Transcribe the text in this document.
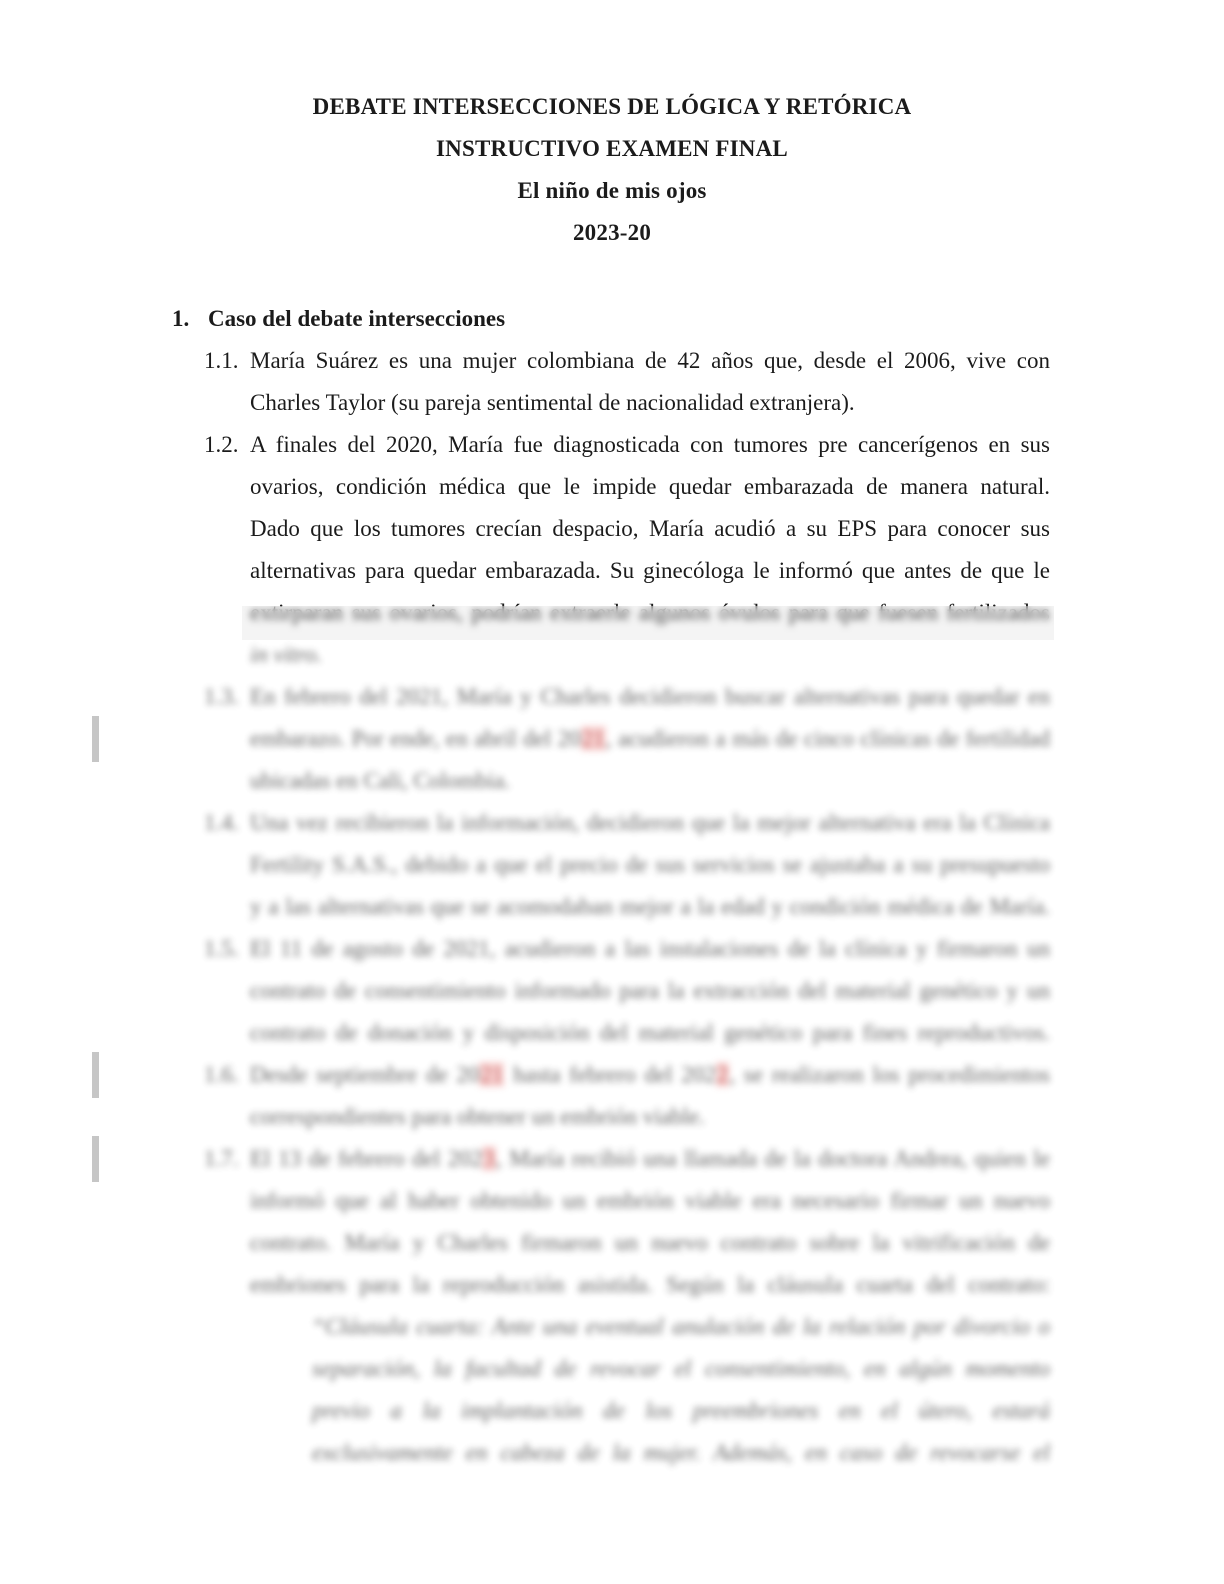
DEBATE INTERSECCIONES DE LÓGICA Y RETÓRICA
INSTRUCTIVO EXAMEN FINAL
El niño de mis ojos
2023-20
1. Caso del debate intersecciones
1.1. María Suárez es una mujer colombiana de 42 años que, desde el 2006, vive con
Charles Taylor (su pareja sentimental de nacionalidad extranjera).
1.2. A finales del 2020, María fue diagnosticada con tumores pre cancerígenos en sus
ovarios, condición médica que le impide quedar embarazada de manera natural.
Dado que los tumores crecían despacio, María acudió a su EPS para conocer sus
alternativas para quedar embarazada. Su ginecóloga le informó que antes de que le
extirparan sus ovarios, podrían extraerle algunos óvulos para que fuesen fertilizados
in vitro.
1.3. En febrero del 2021, María y Charles decidieron buscar alternativas para quedar en
embarazo. Por ende, en abril del 2021, acudieron a más de cinco clínicas de fertilidad
ubicadas en Cali, Colombia.
1.4. Una vez recibieron la información, decidieron que la mejor alternativa era la Clínica
Fertility S.A.S., debido a que el precio de sus servicios se ajustaba a su presupuesto
y a las alternativas que se acomodaban mejor a la edad y condición médica de María.
1.5. El 11 de agosto de 2021, acudieron a las instalaciones de la clínica y firmaron un
contrato de consentimiento informado para la extracción del material genético y un
contrato de donación y disposición del material genético para fines reproductivos.
1.6. Desde septiembre de 2021 hasta febrero del 2022, se realizaron los procedimientos
correspondientes para obtener un embrión viable.
1.7. El 13 de febrero del 2023, María recibió una llamada de la doctora Andrea, quien le
informó que al haber obtenido un embrión viable era necesario firmar un nuevo
contrato. María y Charles firmaron un nuevo contrato sobre la vitrificación de
embriones para la reproducción asistida. Según la cláusula cuarta del contrato:
“Cláusula cuarta: Ante una eventual anulación de la relación por divorcio o
separación, la facultad de revocar el consentimiento, en algún momento
previo a la implantación de los preembriones en el útero, estará
exclusivamente en cabeza de la mujer. Además, en caso de revocarse el
